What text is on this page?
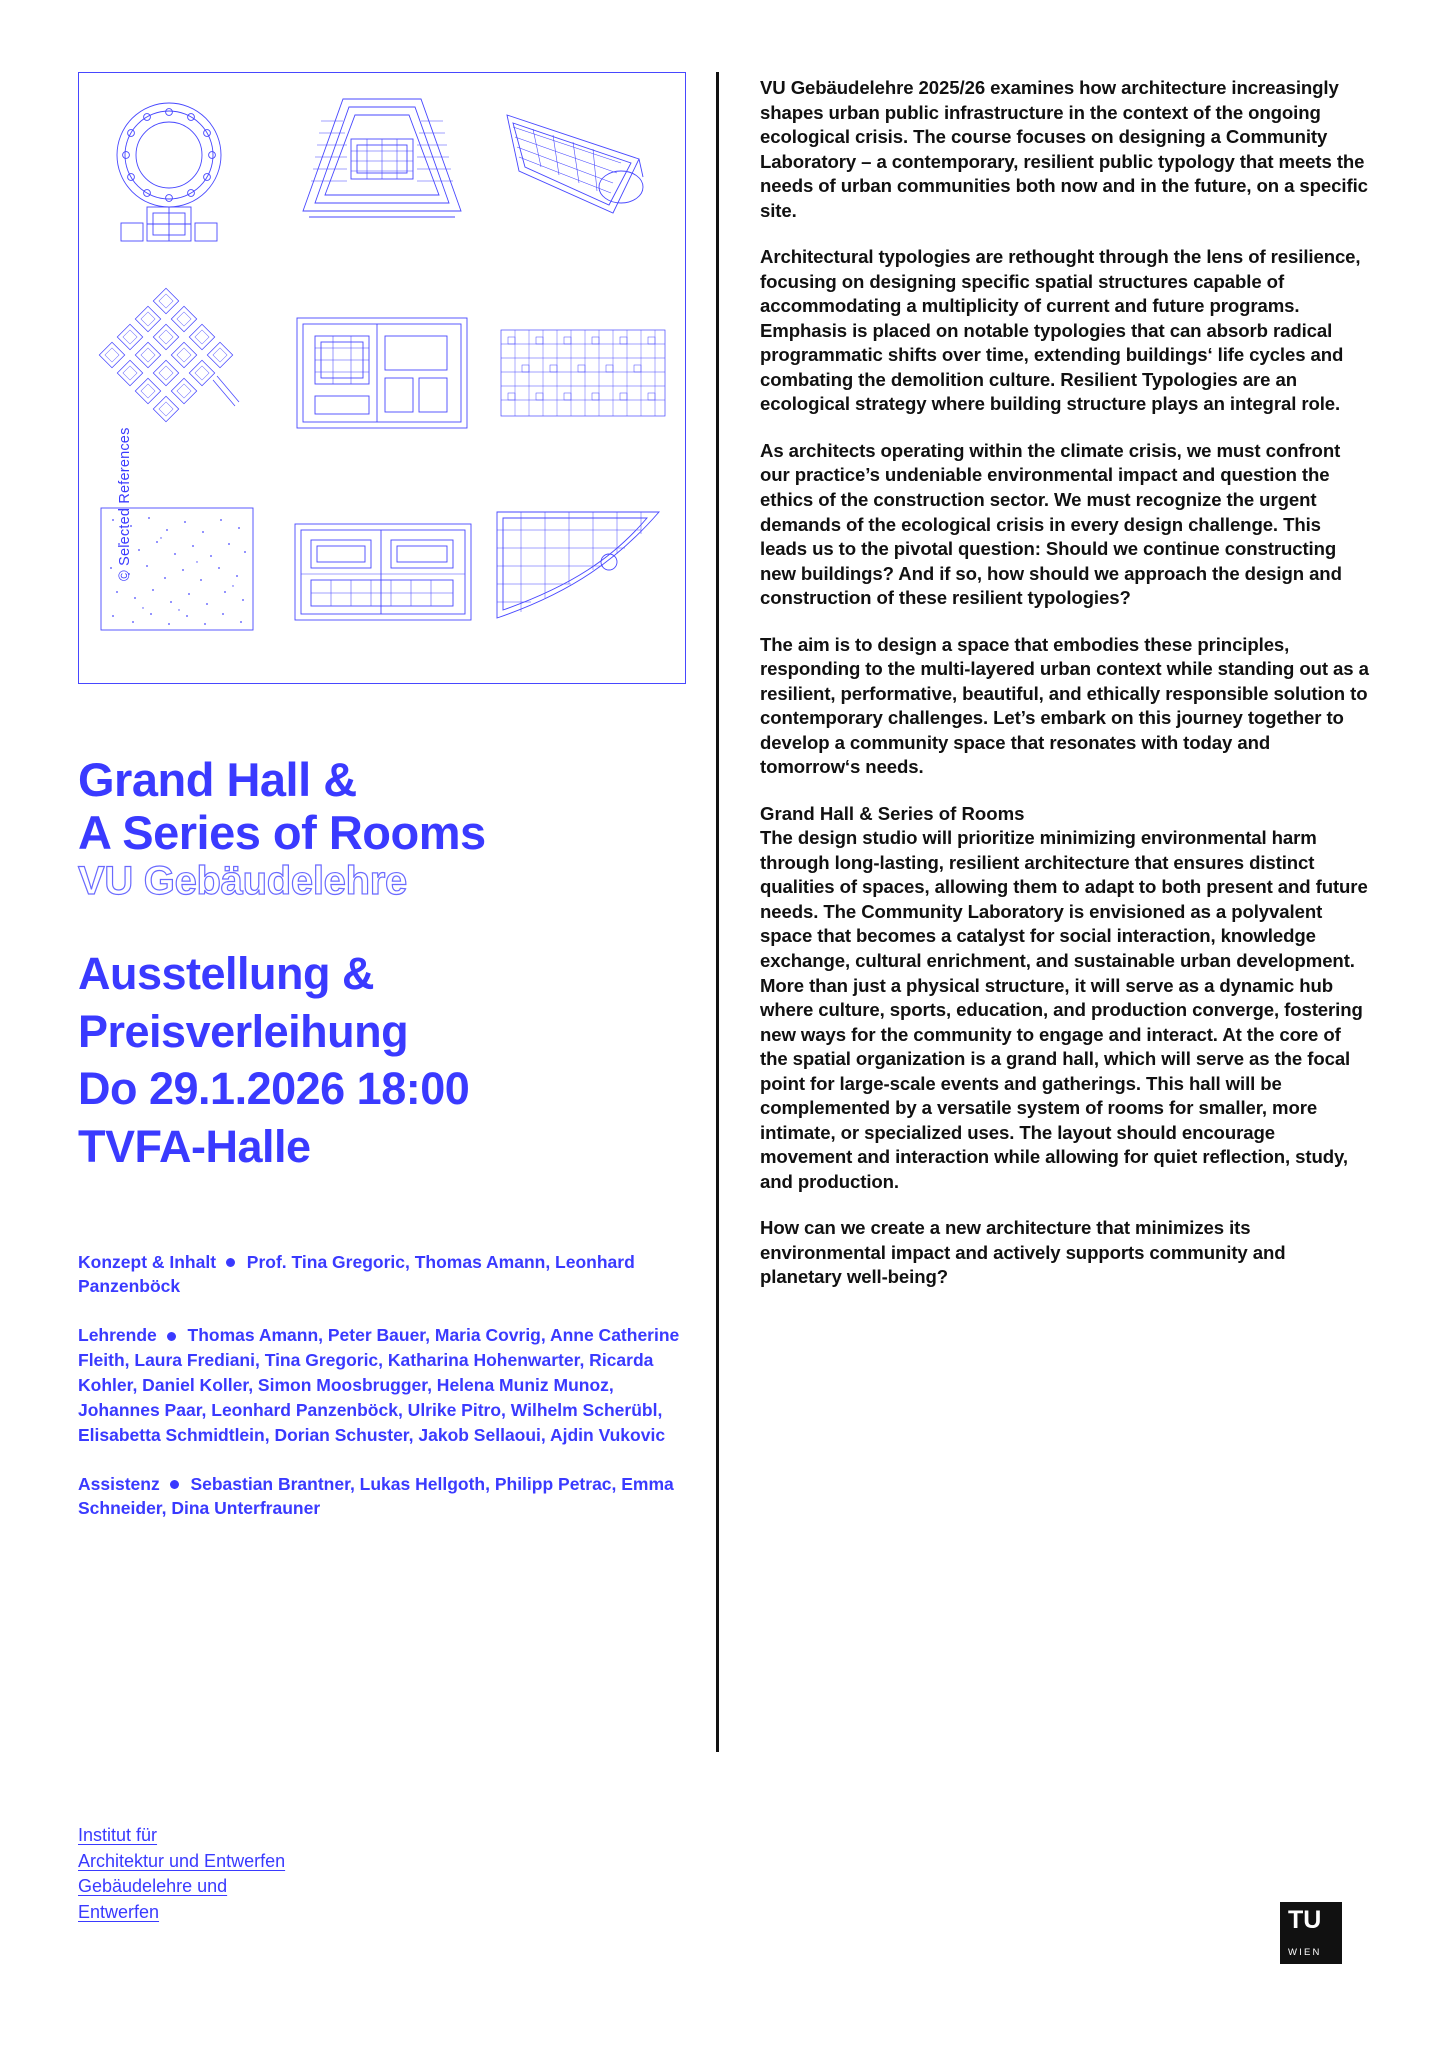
© Selected References
Grand Hall &
A Series of Rooms
VU Gebäudelehre
Ausstellung &
Preisverleihung
Do 29.1.2026 18:00
TVFA-Halle
Konzept & Inhalt Prof. Tina Gregoric, Thomas Amann, Leonhard Panzenböck
Lehrende Thomas Amann, Peter Bauer, Maria Covrig, Anne Catherine Fleith, Laura Frediani, Tina Gregoric, Katharina Hohenwarter, Ricarda Kohler, Daniel Koller, Simon Moosbrugger, Helena Muniz Munoz, Johannes Paar, Leonhard Panzenböck, Ulrike Pitro, Wilhelm Scherübl, Elisabetta Schmidtlein, Dorian Schuster, Jakob Sellaoui, Ajdin Vukovic
Assistenz Sebastian Brantner, Lukas Hellgoth, Philipp Petrac, Emma Schneider, Dina Unterfrauner

VU Gebäudelehre 2025/26 examines how architecture increasingly shapes urban public infrastructure in the context of the ongoing ecological crisis. The course focuses on designing a Community Laboratory – a contemporary, resilient public typology that meets the needs of urban communities both now and in the future, on a specific site.

Architectural typologies are rethought through the lens of resilience, focusing on designing specific spatial structures capable of accommodating a multiplicity of current and future programs. Emphasis is placed on notable typologies that can absorb radical programmatic shifts over time, extending buildings‘ life cycles and combating the demolition culture. Resilient Typologies are an ecological strategy where building structure plays an integral role.

As architects operating within the climate crisis, we must confront our practice’s undeniable environmental impact and question the ethics of the construction sector. We must recognize the urgent demands of the ecological crisis in every design challenge. This leads us to the pivotal question: Should we continue constructing new buildings? And if so, how should we approach the design and construction of these resilient typologies?

The aim is to design a space that embodies these principles, responding to the multi-layered urban context while standing out as a resilient, performative, beautiful, and ethically responsible solution to contemporary challenges. Let’s embark on this journey together to develop a community space that resonates with today and tomorrow‘s needs.

Grand Hall & Series of Rooms

The design studio will prioritize minimizing environmental harm through long-lasting, resilient architecture that ensures distinct qualities of spaces, allowing them to adapt to both present and future needs. The Community Laboratory is envisioned as a polyvalent space that becomes a catalyst for social interaction, knowledge exchange, cultural enrichment, and sustainable urban development. More than just a physical structure, it will serve as a dynamic hub where culture, sports, education, and production converge, fostering new ways for the community to engage and interact. At the core of the spatial organization is a grand hall, which will serve as the focal point for large-scale events and gatherings. This hall will be complemented by a versatile system of rooms for smaller, more intimate, or specialized uses. The layout should encourage movement and interaction while allowing for quiet reflection, study, and production.

How can we create a new architecture that minimizes its environmental impact and actively supports community and planetary well-being?

Institut für
Architektur und Entwerfen
Gebäudelehre und
Entwerfen	TU
WIEN
